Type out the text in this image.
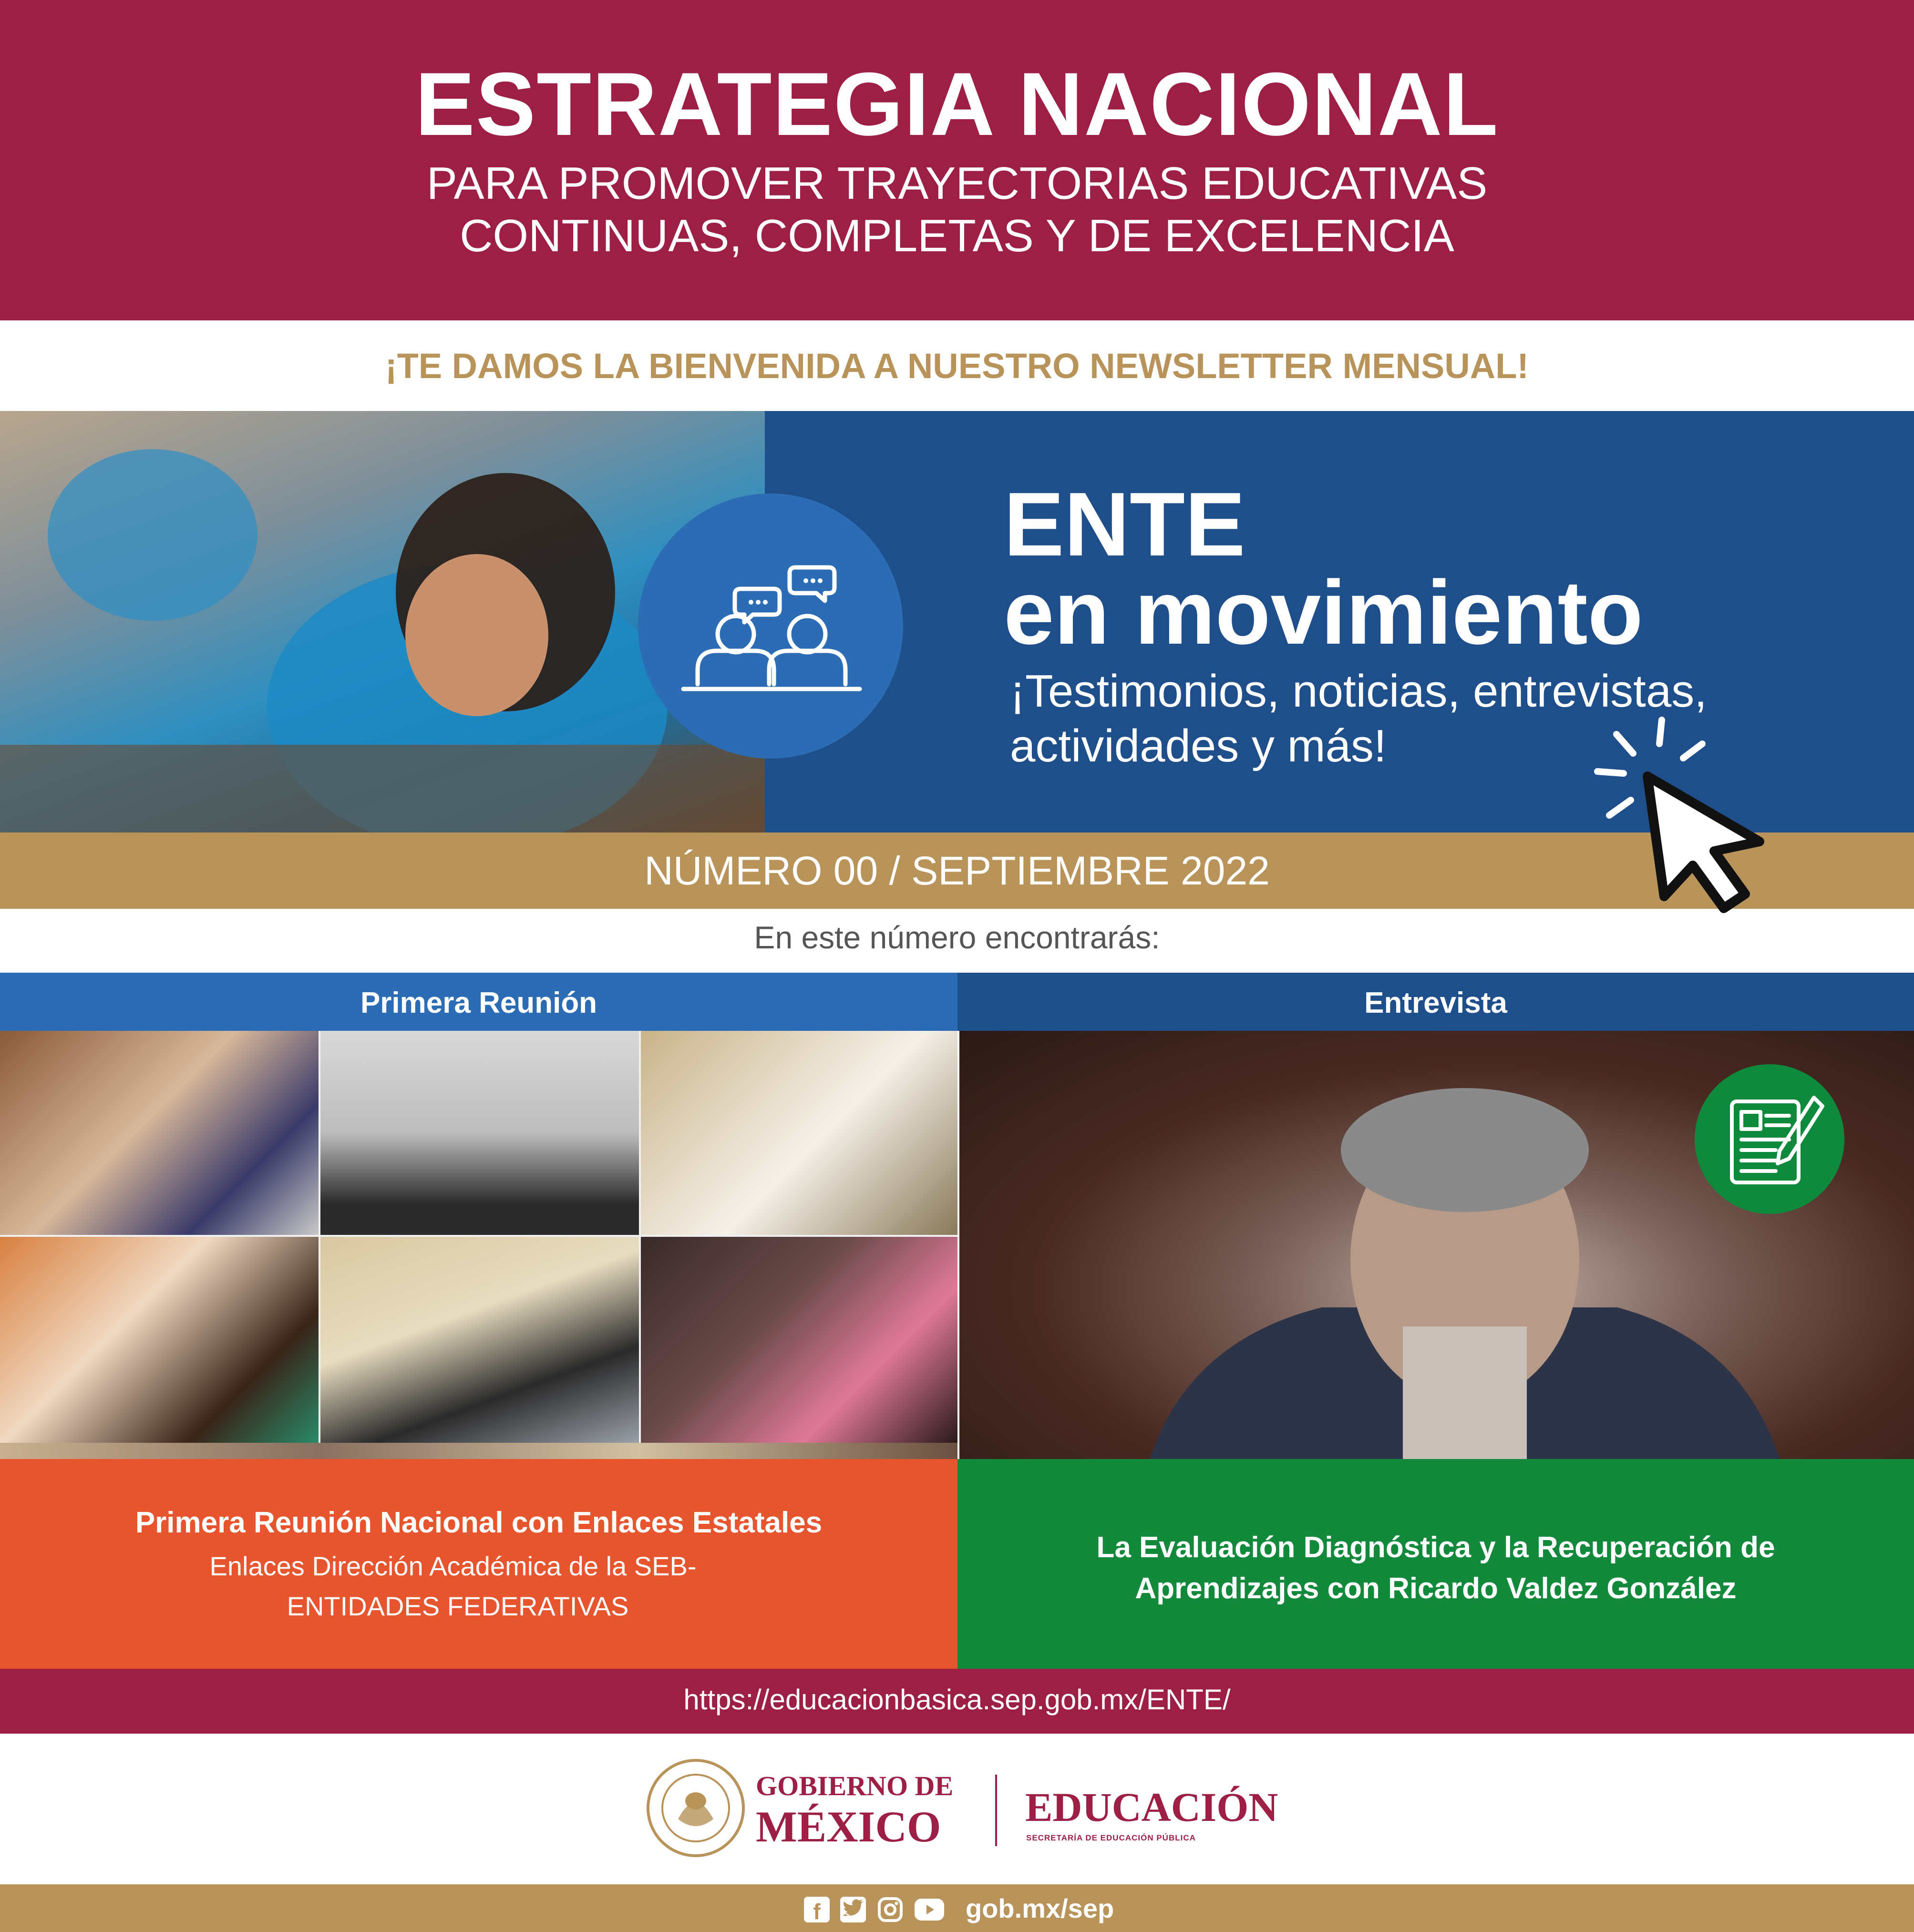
ESTRATEGIA NACIONAL
PARA PROMOVER TRAYECTORIAS EDUCATIVAS
CONTINUAS, COMPLETAS Y DE EXCELENCIA
¡TE DAMOS LA BIENVENIDA A NUESTRO NEWSLETTER MENSUAL!
ENTE
en movimiento
¡Testimonios, noticias, entrevistas,
actividades y más!
NÚMERO 00 / SEPTIEMBRE 2022
En este número encontrarás:
Primera Reunión	Entrevista
Primera Reunión Nacional con Enlaces Estatales
Enlaces Dirección Académica de la SEB-
ENTIDADES FEDERATIVAS
La Evaluación Diagnóstica y la Recuperación de
Aprendizajes con Ricardo Valdez González
https://educacionbasica.sep.gob.mx/ENTE/
GOBIERNO DE
MÉXICO EDUCACIÓN
SECRETARÍA DE EDUCACIÓN PÚBLICA
f	gob.mx/sep
